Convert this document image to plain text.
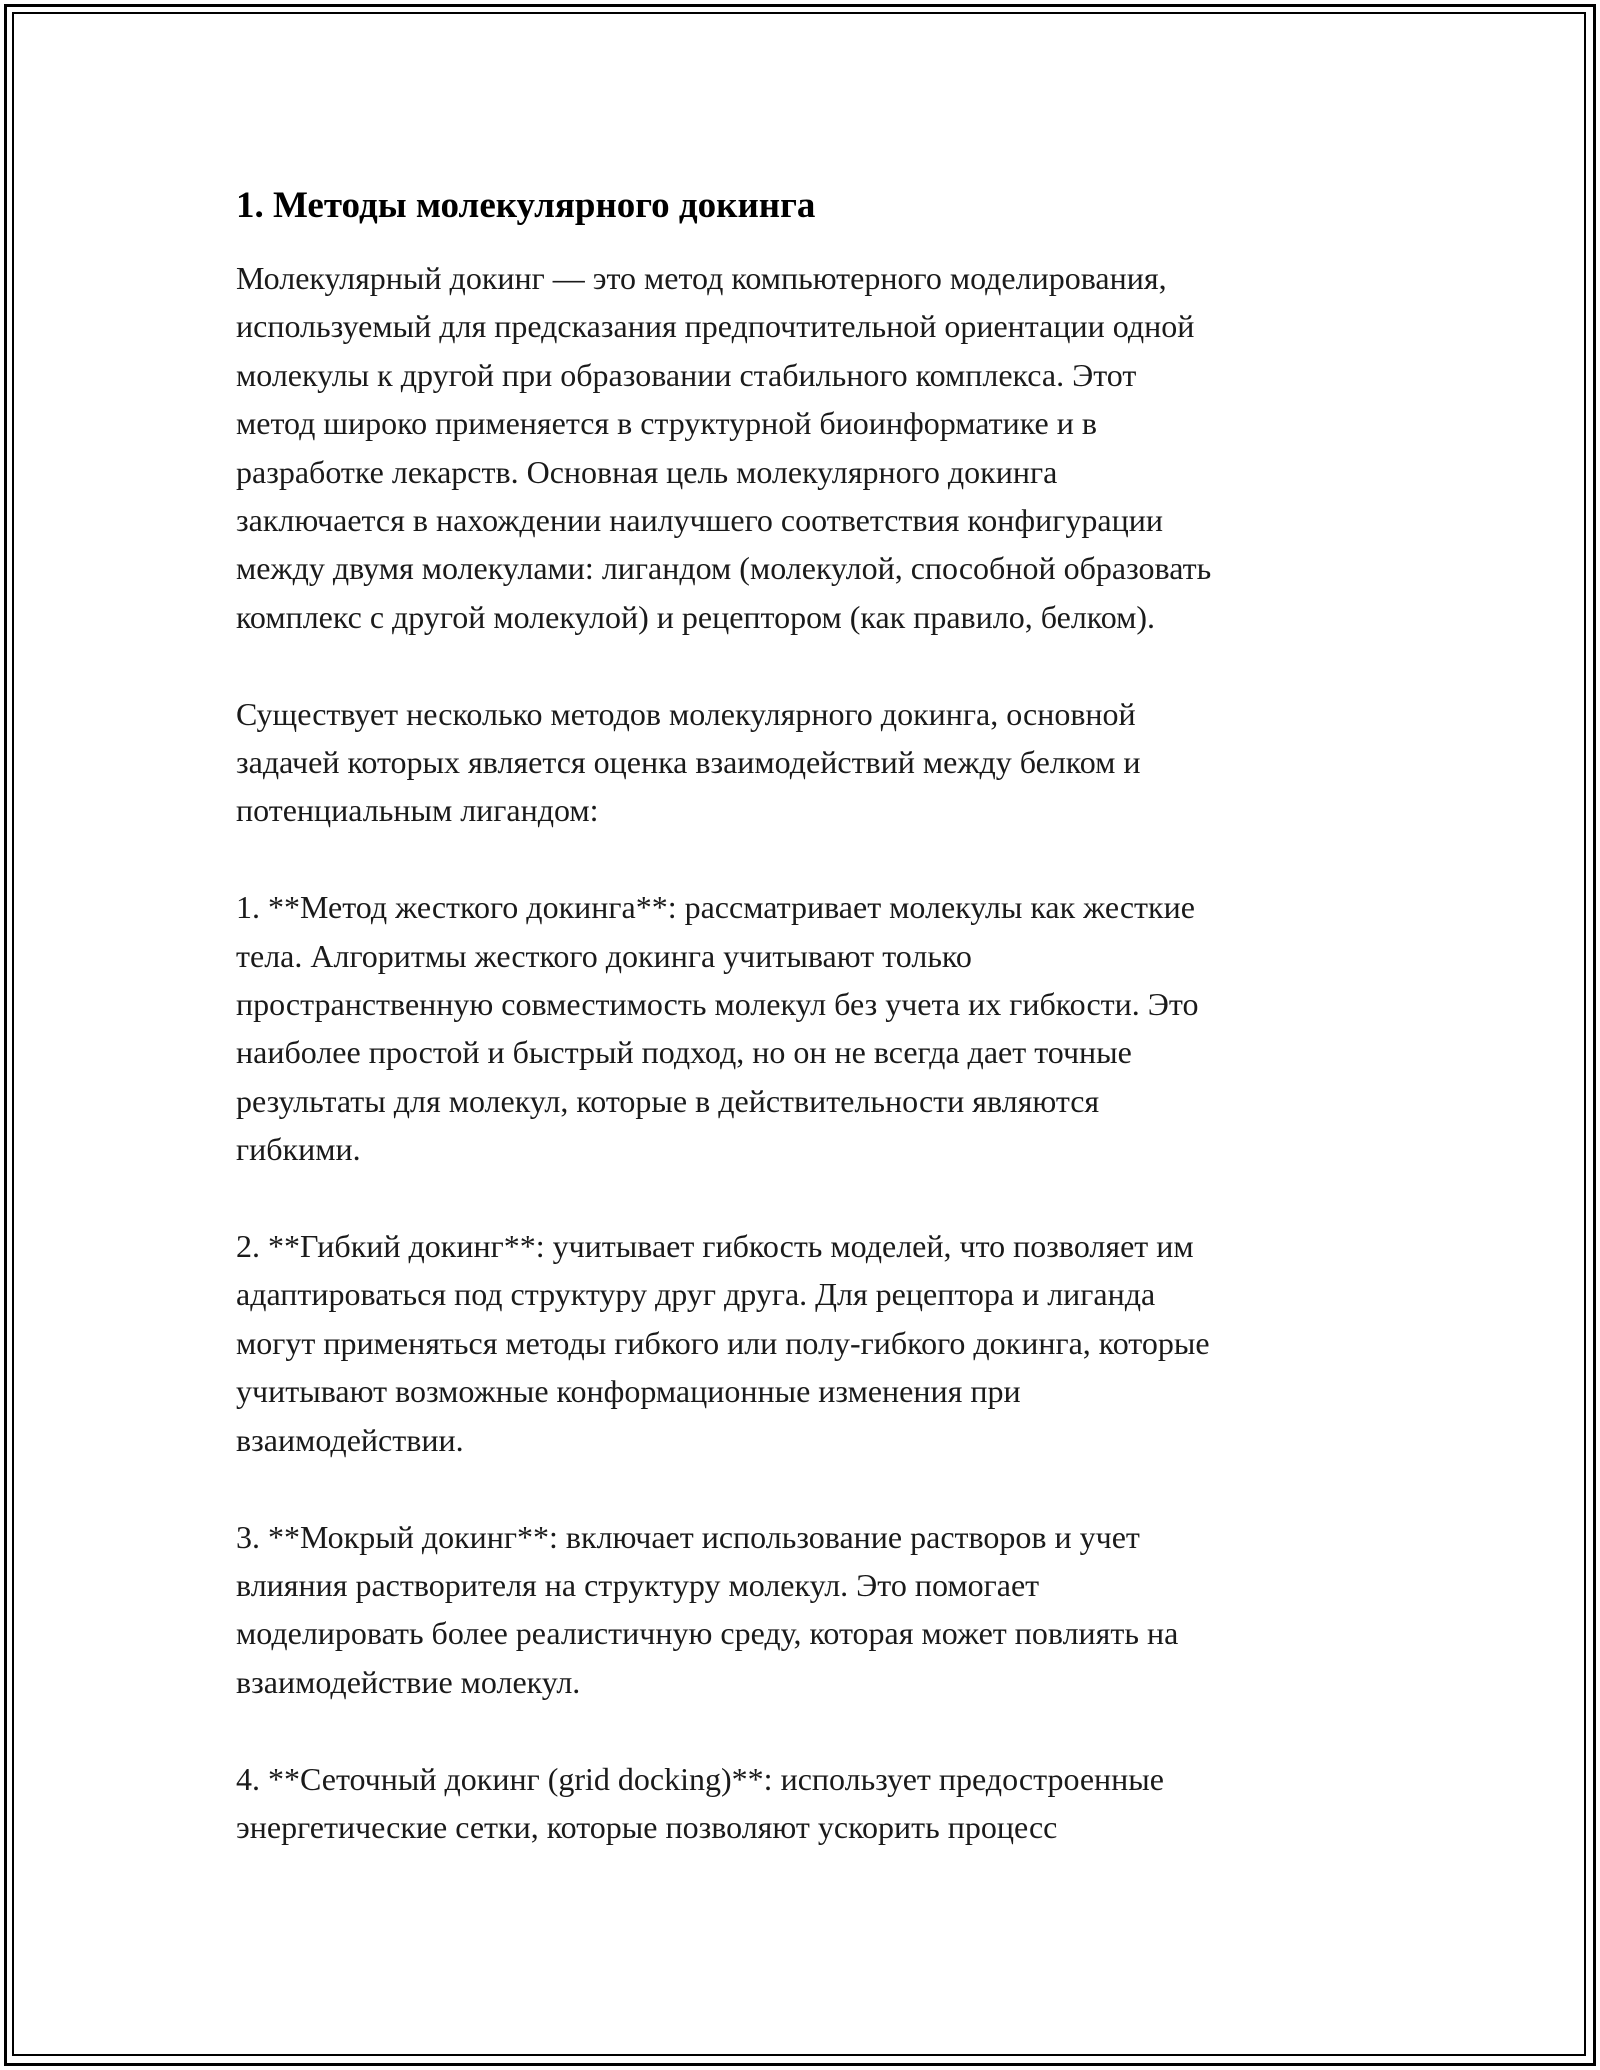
1. Методы молекулярного докинга
Молекулярный докинг — это метод компьютерного моделирования,
используемый для предсказания предпочтительной ориентации одной
молекулы к другой при образовании стабильного комплекса. Этот
метод широко применяется в структурной биоинформатике и в
разработке лекарств. Основная цель молекулярного докинга
заключается в нахождении наилучшего соответствия конфигурации
между двумя молекулами: лигандом (молекулой, способной образовать
комплекс с другой молекулой) и рецептором (как правило, белком).
Существует несколько методов молекулярного докинга, основной
задачей которых является оценка взаимодействий между белком и
потенциальным лигандом:
1. **Метод жесткого докинга**: рассматривает молекулы как жесткие
тела. Алгоритмы жесткого докинга учитывают только
пространственную совместимость молекул без учета их гибкости. Это
наиболее простой и быстрый подход, но он не всегда дает точные
результаты для молекул, которые в действительности являются
гибкими.
2. **Гибкий докинг**: учитывает гибкость моделей, что позволяет им
адаптироваться под структуру друг друга. Для рецептора и лиганда
могут применяться методы гибкого или полу-гибкого докинга, которые
учитывают возможные конформационные изменения при
взаимодействии.
3. **Мокрый докинг**: включает использование растворов и учет
влияния растворителя на структуру молекул. Это помогает
моделировать более реалистичную среду, которая может повлиять на
взаимодействие молекул.
4. **Сеточный докинг (grid docking)**: использует предостроенные
энергетические сетки, которые позволяют ускорить процесс
